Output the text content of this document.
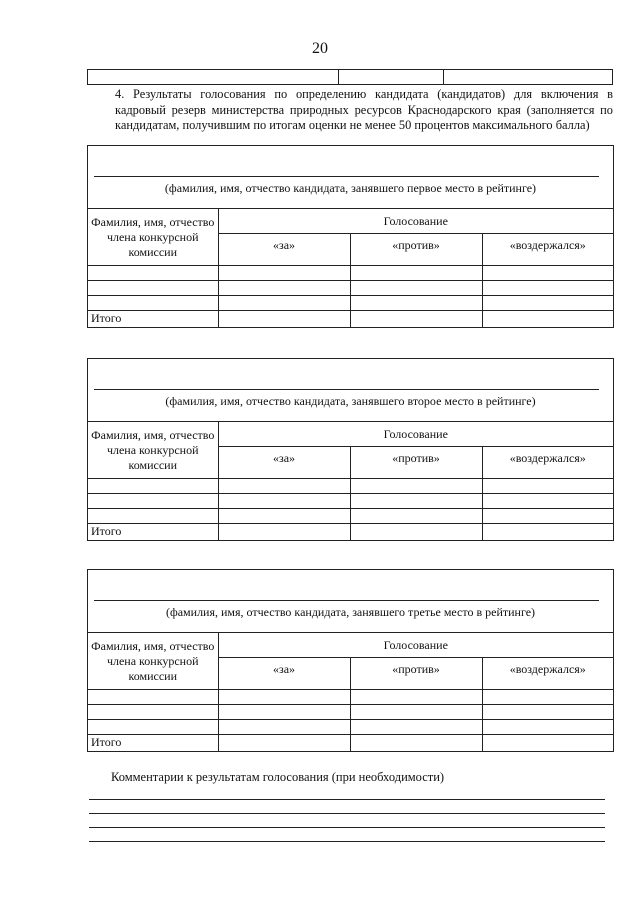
20
4. Результаты голосования по определению кандидата (кандидатов) для включения в кадровый резерв министерства природных ресурсов Краснодарского края (заполняется по кандидатам, получившим по итогам оценки не менее 50 процентов максимального балла)
(фамилия, имя, отчество кандидата, занявшего первое место в рейтинге)
Фамилия, имя, отчество члена конкурсной комиссии	Голосование		
	«за»	«против»	«воздержался»

Итого			
(фамилия, имя, отчество кандидата, занявшего второе место в рейтинге)
Фамилия, имя, отчество члена конкурсной комиссии	Голосование		
	«за»	«против»	«воздержался»

Итого			
(фамилия, имя, отчество кандидата, занявшего третье место в рейтинге)
Фамилия, имя, отчество члена конкурсной комиссии	Голосование		
	«за»	«против»	«воздержался»

Итого			
Комментарии к результатам голосования (при необходимости)
